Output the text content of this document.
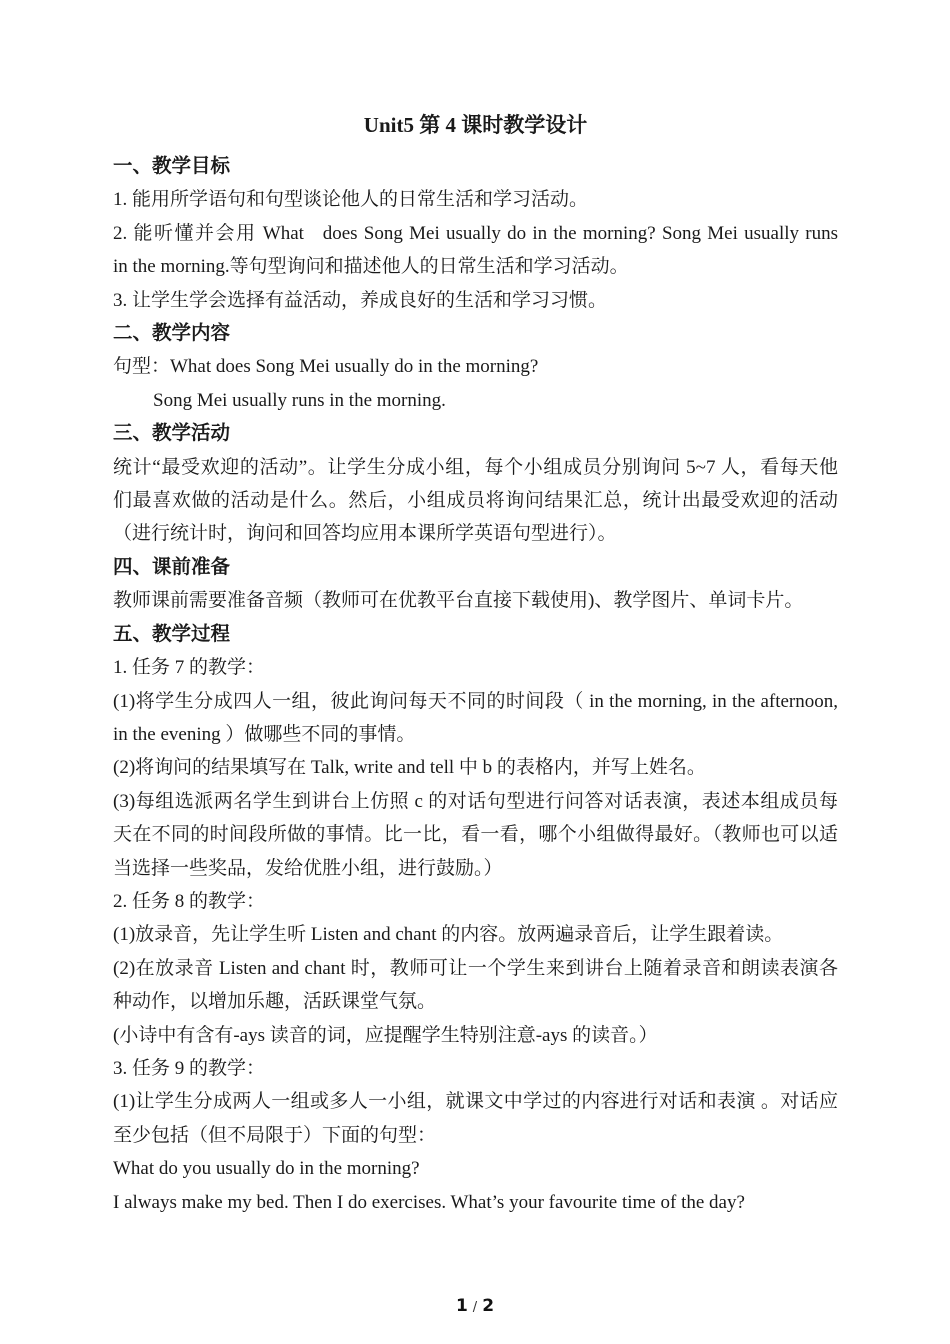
Unit5 第 4 课时教学设计
一、教学目标
1. 能用所学语句和句型谈论他人的日常生活和学习活动。
2. 能听懂并会用 What   does Song Mei usually do in the morning? Song Mei usually runs
in the morning.等句型询问和描述他人的日常生活和学习活动。
3. 让学生学会选择有益活动，养成良好的生活和学习习惯。
二、教学内容
句型：What does Song Mei usually do in the morning?
Song Mei usually runs in the morning.
三、教学活动
统计“最受欢迎的活动”。让学生分成小组，每个小组成员分别询问 5~7 人，看每天他
们最喜欢做的活动是什么。然后，小组成员将询问结果汇总，统计出最受欢迎的活动
（进行统计时，询问和回答均应用本课所学英语句型进行）。
四、课前准备
教师课前需要准备音频（教师可在优教平台直接下载使用)、教学图片、单词卡片。
五、教学过程
1. 任务 7 的教学：
(1)将学生分成四人一组，彼此询问每天不同的时间段（ in the morning, in the afternoon,
in the evening ）做哪些不同的事情。
(2)将询问的结果填写在 Talk, write and tell 中 b 的表格内，并写上姓名。
(3)每组选派两名学生到讲台上仿照 c 的对话句型进行问答对话表演，表述本组成员每
天在不同的时间段所做的事情。比一比，看一看，哪个小组做得最好。（教师也可以适
当选择一些奖品，发给优胜小组，进行鼓励。）
2. 任务 8 的教学：
(1)放录音，先让学生听 Listen and chant 的内容。放两遍录音后，让学生跟着读。
(2)在放录音 Listen and chant 时，教师可让一个学生来到讲台上随着录音和朗读表演各
种动作，以增加乐趣，活跃课堂气氛。
(小诗中有含有-ays 读音的词，应提醒学生特别注意-ays 的读音。）
3. 任务 9 的教学：
(1)让学生分成两人一组或多人一小组，就课文中学过的内容进行对话和表演 。对话应
至少包括（但不局限于）下面的句型：
What do you usually do in the morning?
I always make my bed. Then I do exercises. What’s your favourite time of the day?
1 / 2
